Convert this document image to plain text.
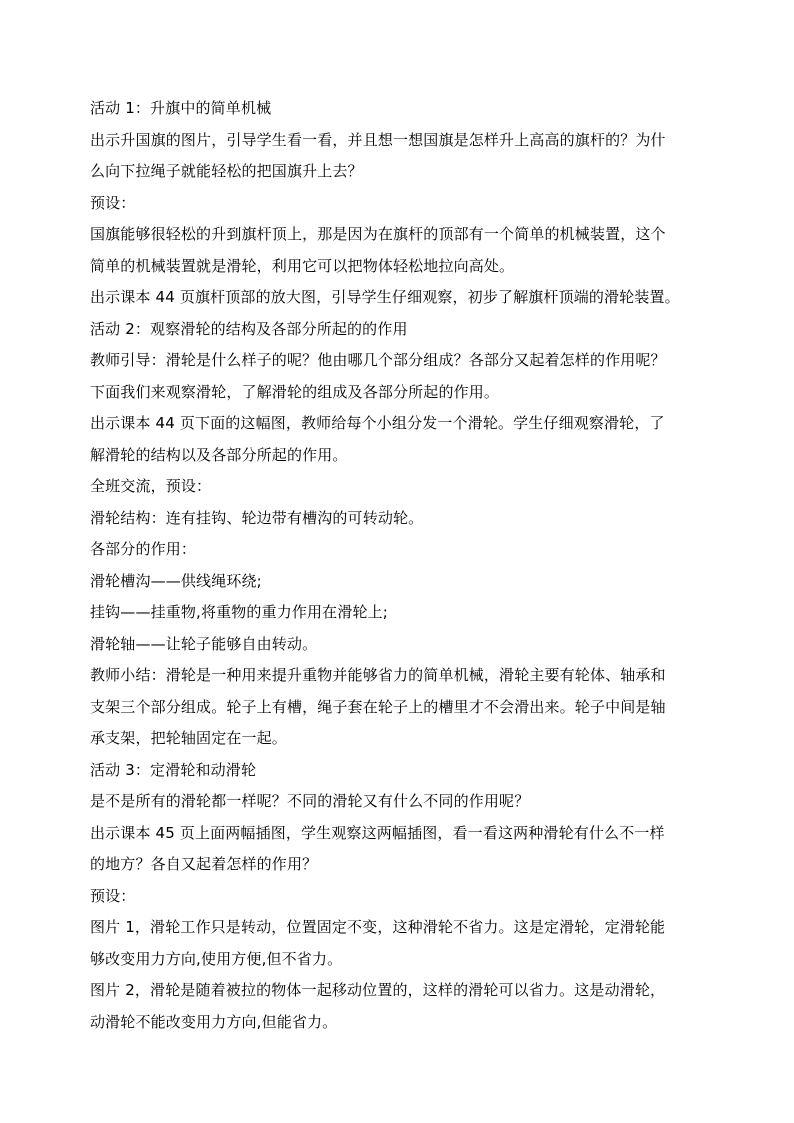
活动 1：升旗中的简单机械
出示升国旗的图片，引导学生看一看，并且想一想国旗是怎样升上高高的旗杆的？为什
么向下拉绳子就能轻松的把国旗升上去？
预设：
国旗能够很轻松的升到旗杆顶上，那是因为在旗杆的顶部有一个简单的机械装置，这个
简单的机械装置就是滑轮，利用它可以把物体轻松地拉向高处。
出示课本 44 页旗杆顶部的放大图，引导学生仔细观察，初步了解旗杆顶端的滑轮装置。
活动 2：观察滑轮的结构及各部分所起的的作用
教师引导：滑轮是什么样子的呢？他由哪几个部分组成？各部分又起着怎样的作用呢？
下面我们来观察滑轮，了解滑轮的组成及各部分所起的作用。
出示课本 44 页下面的这幅图，教师给每个小组分发一个滑轮。学生仔细观察滑轮，了
解滑轮的结构以及各部分所起的作用。
全班交流，预设：
滑轮结构：连有挂钩、轮边带有槽沟的可转动轮。
各部分的作用：
滑轮槽沟——供线绳环绕;
挂钩——挂重物,将重物的重力作用在滑轮上;
滑轮轴——让轮子能够自由转动。
教师小结：滑轮是一种用来提升重物并能够省力的简单机械，滑轮主要有轮体、轴承和
支架三个部分组成。轮子上有槽，绳子套在轮子上的槽里才不会滑出来。轮子中间是轴
承支架，把轮轴固定在一起。
活动 3：定滑轮和动滑轮
是不是所有的滑轮都一样呢？不同的滑轮又有什么不同的作用呢？
出示课本 45 页上面两幅插图，学生观察这两幅插图，看一看这两种滑轮有什么不一样
的地方？各自又起着怎样的作用？
预设：
图片 1，滑轮工作只是转动，位置固定不变，这种滑轮不省力。这是定滑轮，定滑轮能
够改变用力方向,使用方便,但不省力。
图片 2，滑轮是随着被拉的物体一起移动位置的，这样的滑轮可以省力。这是动滑轮，
动滑轮不能改变用力方向,但能省力。
